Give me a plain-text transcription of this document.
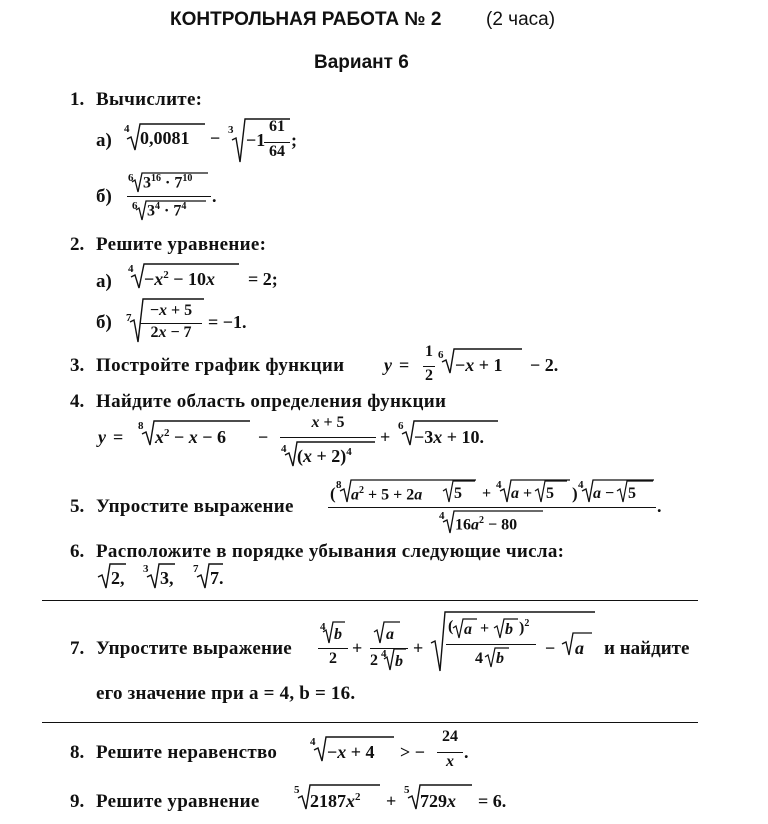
КОНТРОЛЬНАЯ РАБОТА № 2 (2 часа)
Вариант 6
1. Вычислите:
а)
4 0,0081 − 3 −1
61
64
;
б)
6 $3^{16} \cdot 7^{10}$
6 $3^4 \cdot 7^4$
.
2. Решите уравнение:
а)
$4 -x^2 - 10x = 2$;
б) 7	−x + 5
2x − 7
= −1.
3. Постройте график функции y =
1
2
6 −x + 1 − 2.
4. Найдите область определения функции
y =
8
$x^2 - x - 6$ −
x + 5
4 $(x + 2)^4$
+
6
−3x + 10.
5. Упростите выражение
( 8
$a^2 + 5 + 2a$ 5 + 4 a + 5 ) 4 a − 5
4
$16a^2 - 80$
.
6. Расположите в порядке убывания следующие числа:
2, 3 3, 7 7.
7. Упростите выражение
4 b
2
+
a
2 4 b
+
( a + b )$^2$
4 b
− a и найдите
его значение при a = 4, b = 16.
8. Решите неравенство	4 −x + 4 > −
24
x .
9. Решите уравнение
5
$2187x^2$ +
5
729x = 6.
